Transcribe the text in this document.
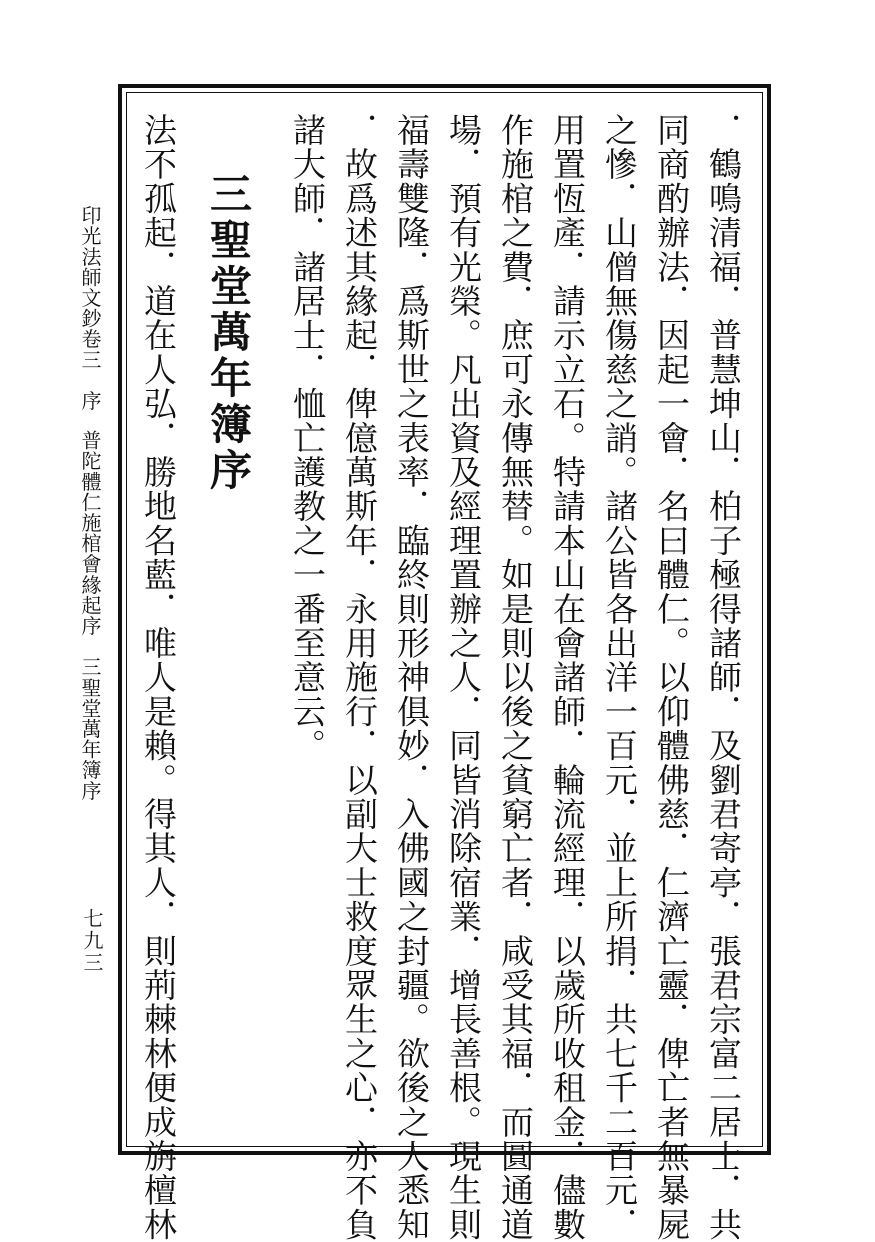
．鶴鳴清福．普慧坤山．柏子極得諸師．及劉君寄亭．張君宗富二居士．共
同商酌辦法．因起一會．名曰體仁。以仰體佛慈．仁濟亡靈．俾亡者無暴屍
之慘．山僧無傷慈之誚。諸公皆各出洋一百元．並上所捐．共七千二百元．
用置恆產．請示立石。特請本山在會諸師．輪流經理．以歲所收租金．儘數
作施棺之費．庶可永傳無替。如是則以後之貧窮亡者．咸受其福．而圓通道
場．預有光榮。凡出資及經理置辦之人．同皆消除宿業．增長善根。現生則
福壽雙隆．爲斯世之表率．臨終則形神俱妙．入佛國之封疆。欲後之人悉知
．故爲述其緣起．俾億萬斯年．永用施行．以副大士救度眾生之心．亦不負
諸大師．諸居士．恤亡護教之一番至意云。
三聖堂萬年簿序
法不孤起．道在人弘．勝地名藍．唯人是賴。得其人．則荊棘林便成旃檀林
印光法師文鈔卷三　序
普陀體仁施棺會緣起序　三聖堂萬年簿序
七九三
